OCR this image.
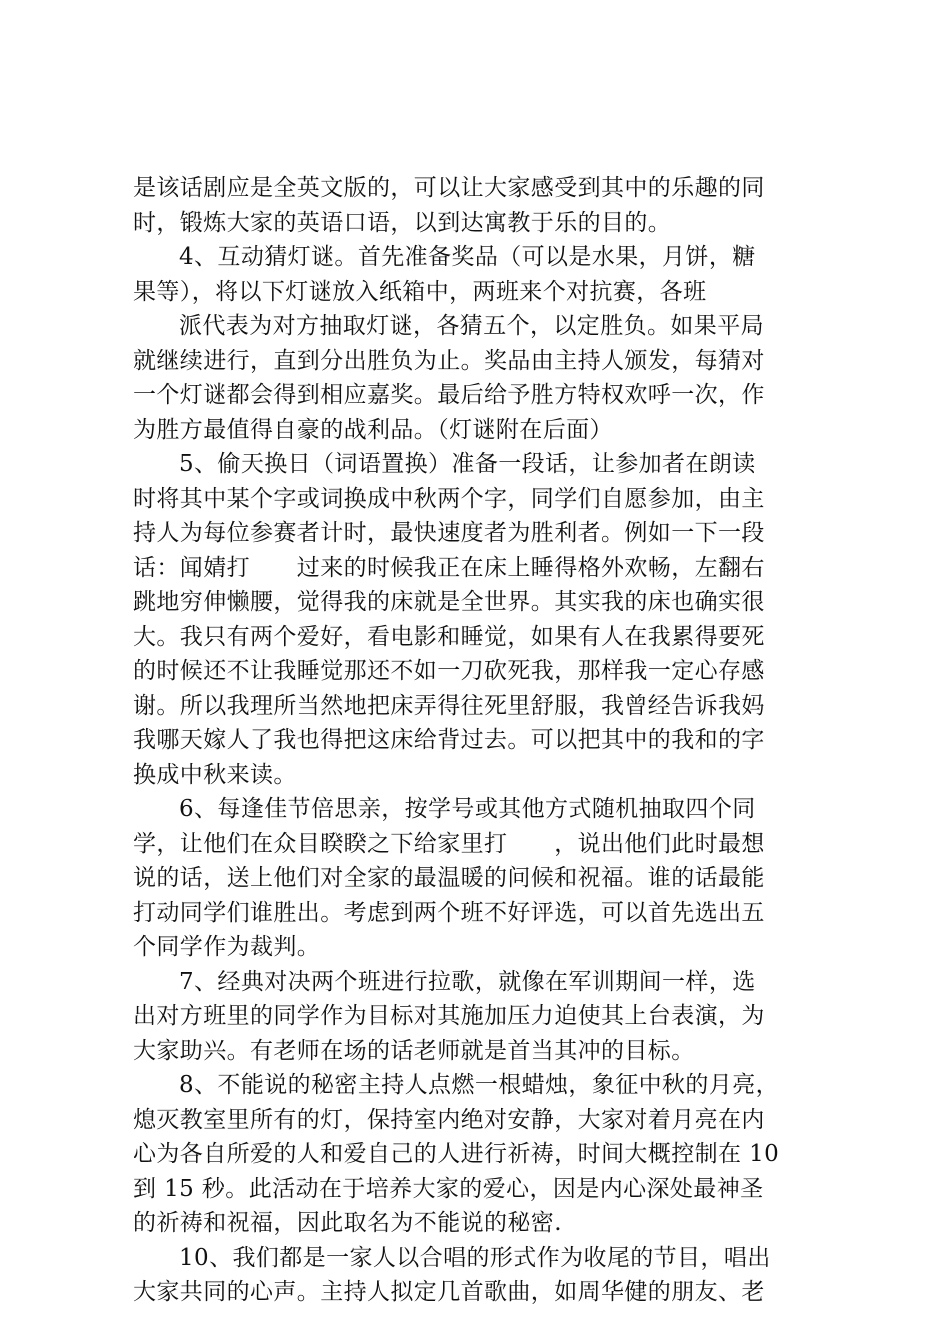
是该话剧应是全英文版的，可以让大家感受到其中的乐趣的同
时，锻炼大家的英语口语，以到达寓教于乐的目的。
4、互动猜灯谜。首先准备奖品（可以是水果，月饼，糖
果等），将以下灯谜放入纸箱中，两班来个对抗赛，各班
派代表为对方抽取灯谜，各猜五个，以定胜负。如果平局
就继续进行，直到分出胜负为止。奖品由主持人颁发，每猜对
一个灯谜都会得到相应嘉奖。最后给予胜方特权欢呼一次，作
为胜方最值得自豪的战利品。（灯谜附在后面）
5、偷天换日（词语置换）准备一段话，让参加者在朗读
时将其中某个字或词换成中秋两个字，同学们自愿参加，由主
持人为每位参赛者计时，最快速度者为胜利者。例如一下一段
话：闻婧打　　过来的时候我正在床上睡得格外欢畅，左翻右
跳地穷伸懒腰，觉得我的床就是全世界。其实我的床也确实很
大。我只有两个爱好，看电影和睡觉，如果有人在我累得要死
的时候还不让我睡觉那还不如一刀砍死我，那样我一定心存感
谢。所以我理所当然地把床弄得往死里舒服，我曾经告诉我妈
我哪天嫁人了我也得把这床给背过去。可以把其中的我和的字
换成中秋来读。
6、每逢佳节倍思亲，按学号或其他方式随机抽取四个同
学，让他们在众目睽睽之下给家里打　　，说出他们此时最想
说的话，送上他们对全家的最温暖的问候和祝福。谁的话最能
打动同学们谁胜出。考虑到两个班不好评选，可以首先选出五
个同学作为裁判。
7、经典对决两个班进行拉歌，就像在军训期间一样，选
出对方班里的同学作为目标对其施加压力迫使其上台表演，为
大家助兴。有老师在场的话老师就是首当其冲的目标。
8、不能说的秘密主持人点燃一根蜡烛，象征中秋的月亮，
熄灭教室里所有的灯，保持室内绝对安静，大家对着月亮在内
心为各自所爱的人和爱自己的人进行祈祷，时间大概控制在 10
到 15 秒。此活动在于培养大家的爱心，因是内心深处最神圣
的祈祷和祝福，因此取名为不能说的秘密.
10、我们都是一家人以合唱的形式作为收尾的节目，唱出
大家共同的心声。主持人拟定几首歌曲，如周华健的朋友、老
